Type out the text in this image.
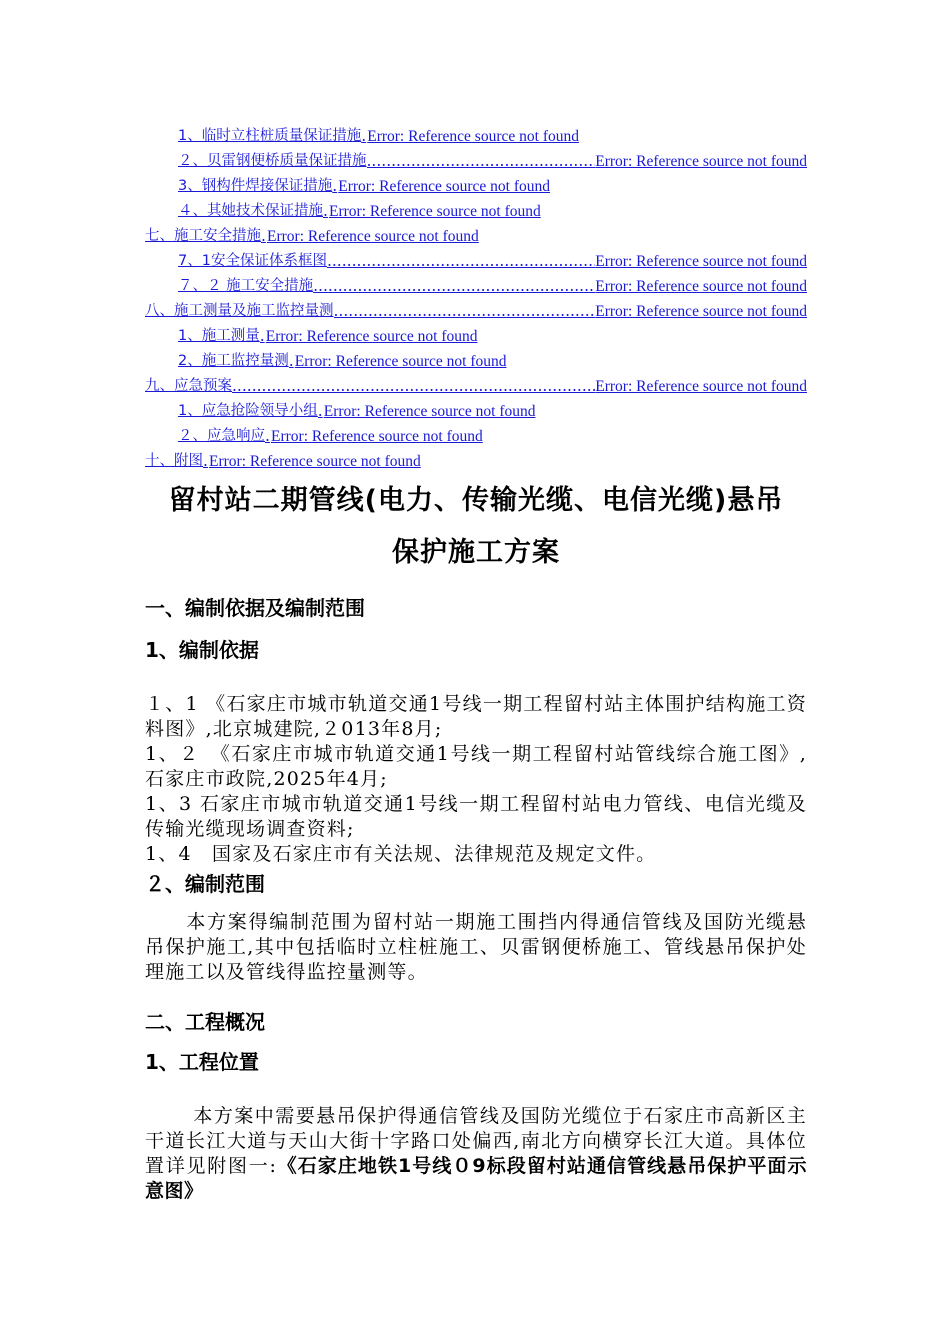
1、临时立柱桩质量保证措施 . Error: Reference source not found
２、贝雷钢便桥质量保证措施 .....	Error: Reference source not found
3、钢构件焊接保证措施 . Error: Reference source not found
４、其她技术保证措施 . Error: Reference source not found
七、施工安全措施 . Error: Reference source not found
7、1安全保证体系框图 .....	Error: Reference source not found
７、２ 施工安全措施 .....	Error: Reference source not found
八、施工测量及施工监控量测 .....	Error: Reference source not found
1、施工测量 . Error: Reference source not found
2、施工监控量测 . Error: Reference source not found
九、应急预案 .....	Error: Reference source not found
1、应急抢险领导小组 . Error: Reference source not found
２、应急响应 . Error: Reference source not found
十、附图 . Error: Reference source not found
留村站二期管线(电力、传输光缆、电信光缆)悬吊
保护施工方案
一、编制依据及编制范围
1、编制依据

１、1 《石家庄市城市轨道交通1号线一期工程留村站主体围护结构施工资料图》,北京城建院,２013年8月;

1、２　《石家庄市城市轨道交通1号线一期工程留村站管线综合施工图》,石家庄市政院,2025年4月;

1、3 石家庄市城市轨道交通1号线一期工程留村站电力管线、电信光缆及传输光缆现场调查资料;

1、4　国家及石家庄市有关法规、法律规范及规定文件。

２、编制范围
　　本方案得编制范围为留村站一期施工围挡内得通信管线及国防光缆悬吊保护施工,其中包括临时立柱桩施工、贝雷钢便桥施工、管线悬吊保护处理施工以及管线得监控量测等。
二、工程概况
1、工程位置
　　 本方案中需要悬吊保护得通信管线及国防光缆位于石家庄市高新区主干道长江大道与天山大街十字路口处偏西,南北方向横穿长江大道。具体位置详见附图一:《石家庄地铁1号线０9标段留村站通信管线悬吊保护平面示意图》
